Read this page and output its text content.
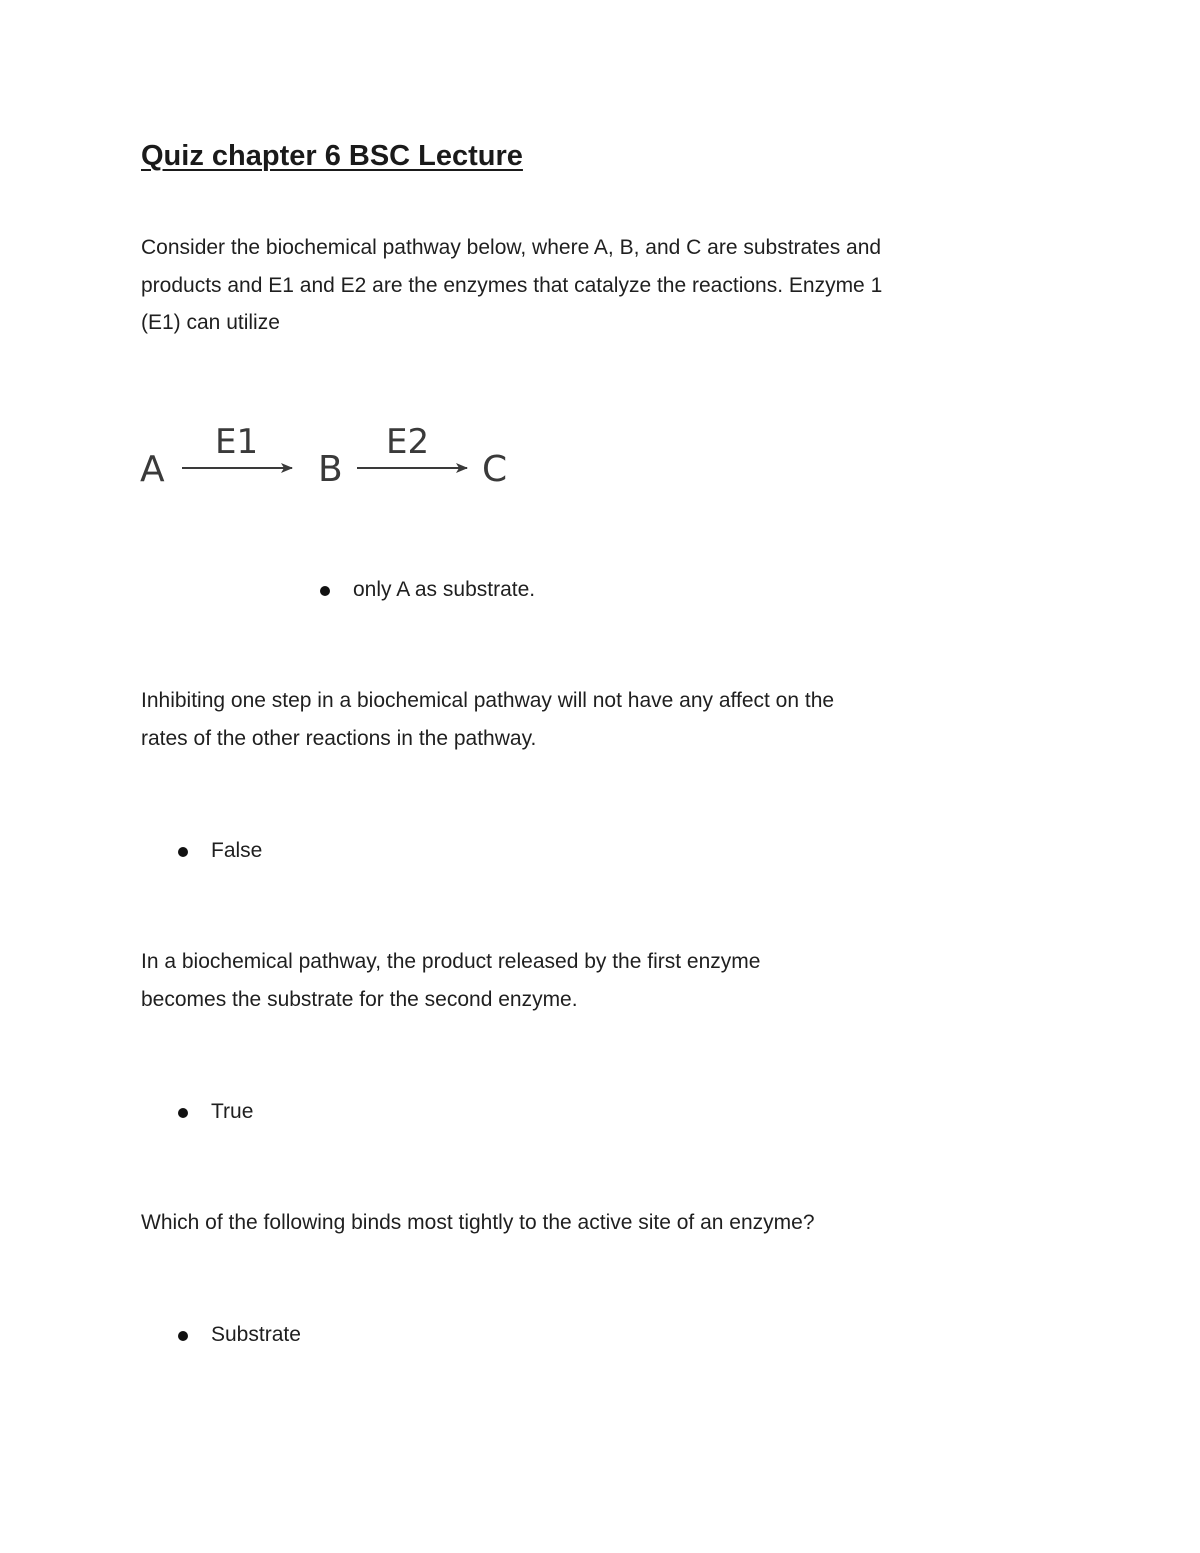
Quiz chapter 6 BSC Lecture

Consider the biochemical pathway below, where A, B, and C are substrates and
products and E1 and E2 are the enzymes that catalyze the reactions. Enzyme 1
(E1) can utilize

A
E1
B
E2
C
only A as substrate.

Inhibiting one step in a biochemical pathway will not have any affect on the
rates of the other reactions in the pathway.

False

In a biochemical pathway, the product released by the first enzyme
becomes the substrate for the second enzyme.

True

Which of the following binds most tightly to the active site of an enzyme?

Substrate
